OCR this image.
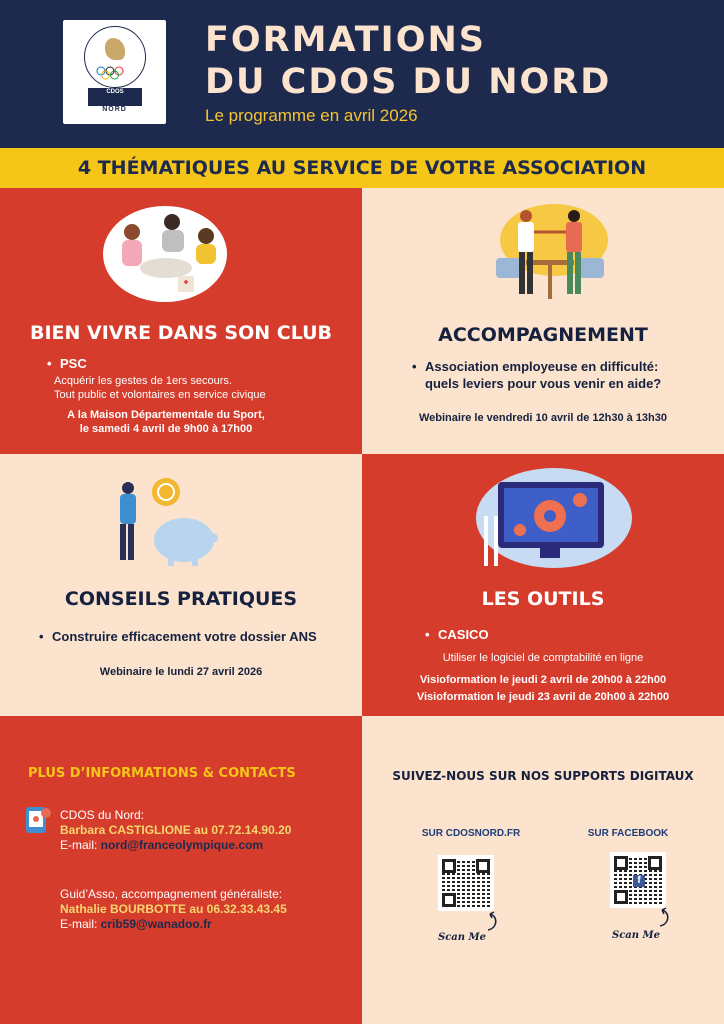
CDOS
NORD
FORMATIONS
DU CDOS DU NORD
Le programme en avril 2026
4 THÉMATIQUES AU SERVICE DE VOTRE ASSOCIATION
BIEN VIVRE DANS SON CLUB
• PSC
Acquérir les gestes de 1ers secours.
Tout public et volontaires en service civique
A la Maison Départementale du Sport,
le samedi 4 avril de 9h00 à 17h00
ACCOMPAGNEMENT
• Association employeuse en difficulté:
quels leviers pour vous venir en aide?
Webinaire le vendredi 10 avril de 12h30 à 13h30
CONSEILS PRATIQUES
• Construire efficacement votre dossier ANS
Webinaire le lundi 27 avril 2026
LES OUTILS
• CASICO
Utiliser le logiciel de comptabilité en ligne
Visioformation le jeudi 2 avril de 20h00 à 22h00
Visioformation le jeudi 23 avril de 20h00 à 22h00
PLUS D’INFORMATIONS & CONTACTS
CDOS du Nord:
Barbara CASTIGLIONE au 07.72.14.90.20
E-mail: nord@franceolympique.com
Guid’Asso, accompagnement généraliste:
Nathalie BOURBOTTE au 06.32.33.43.45
E-mail: crib59@wanadoo.fr
SUIVEZ-NOUS SUR NOS SUPPORTS DIGITAUX
SUR CDOSNORD.FR
Scan Me
SUR FACEBOOK
f
Scan Me
